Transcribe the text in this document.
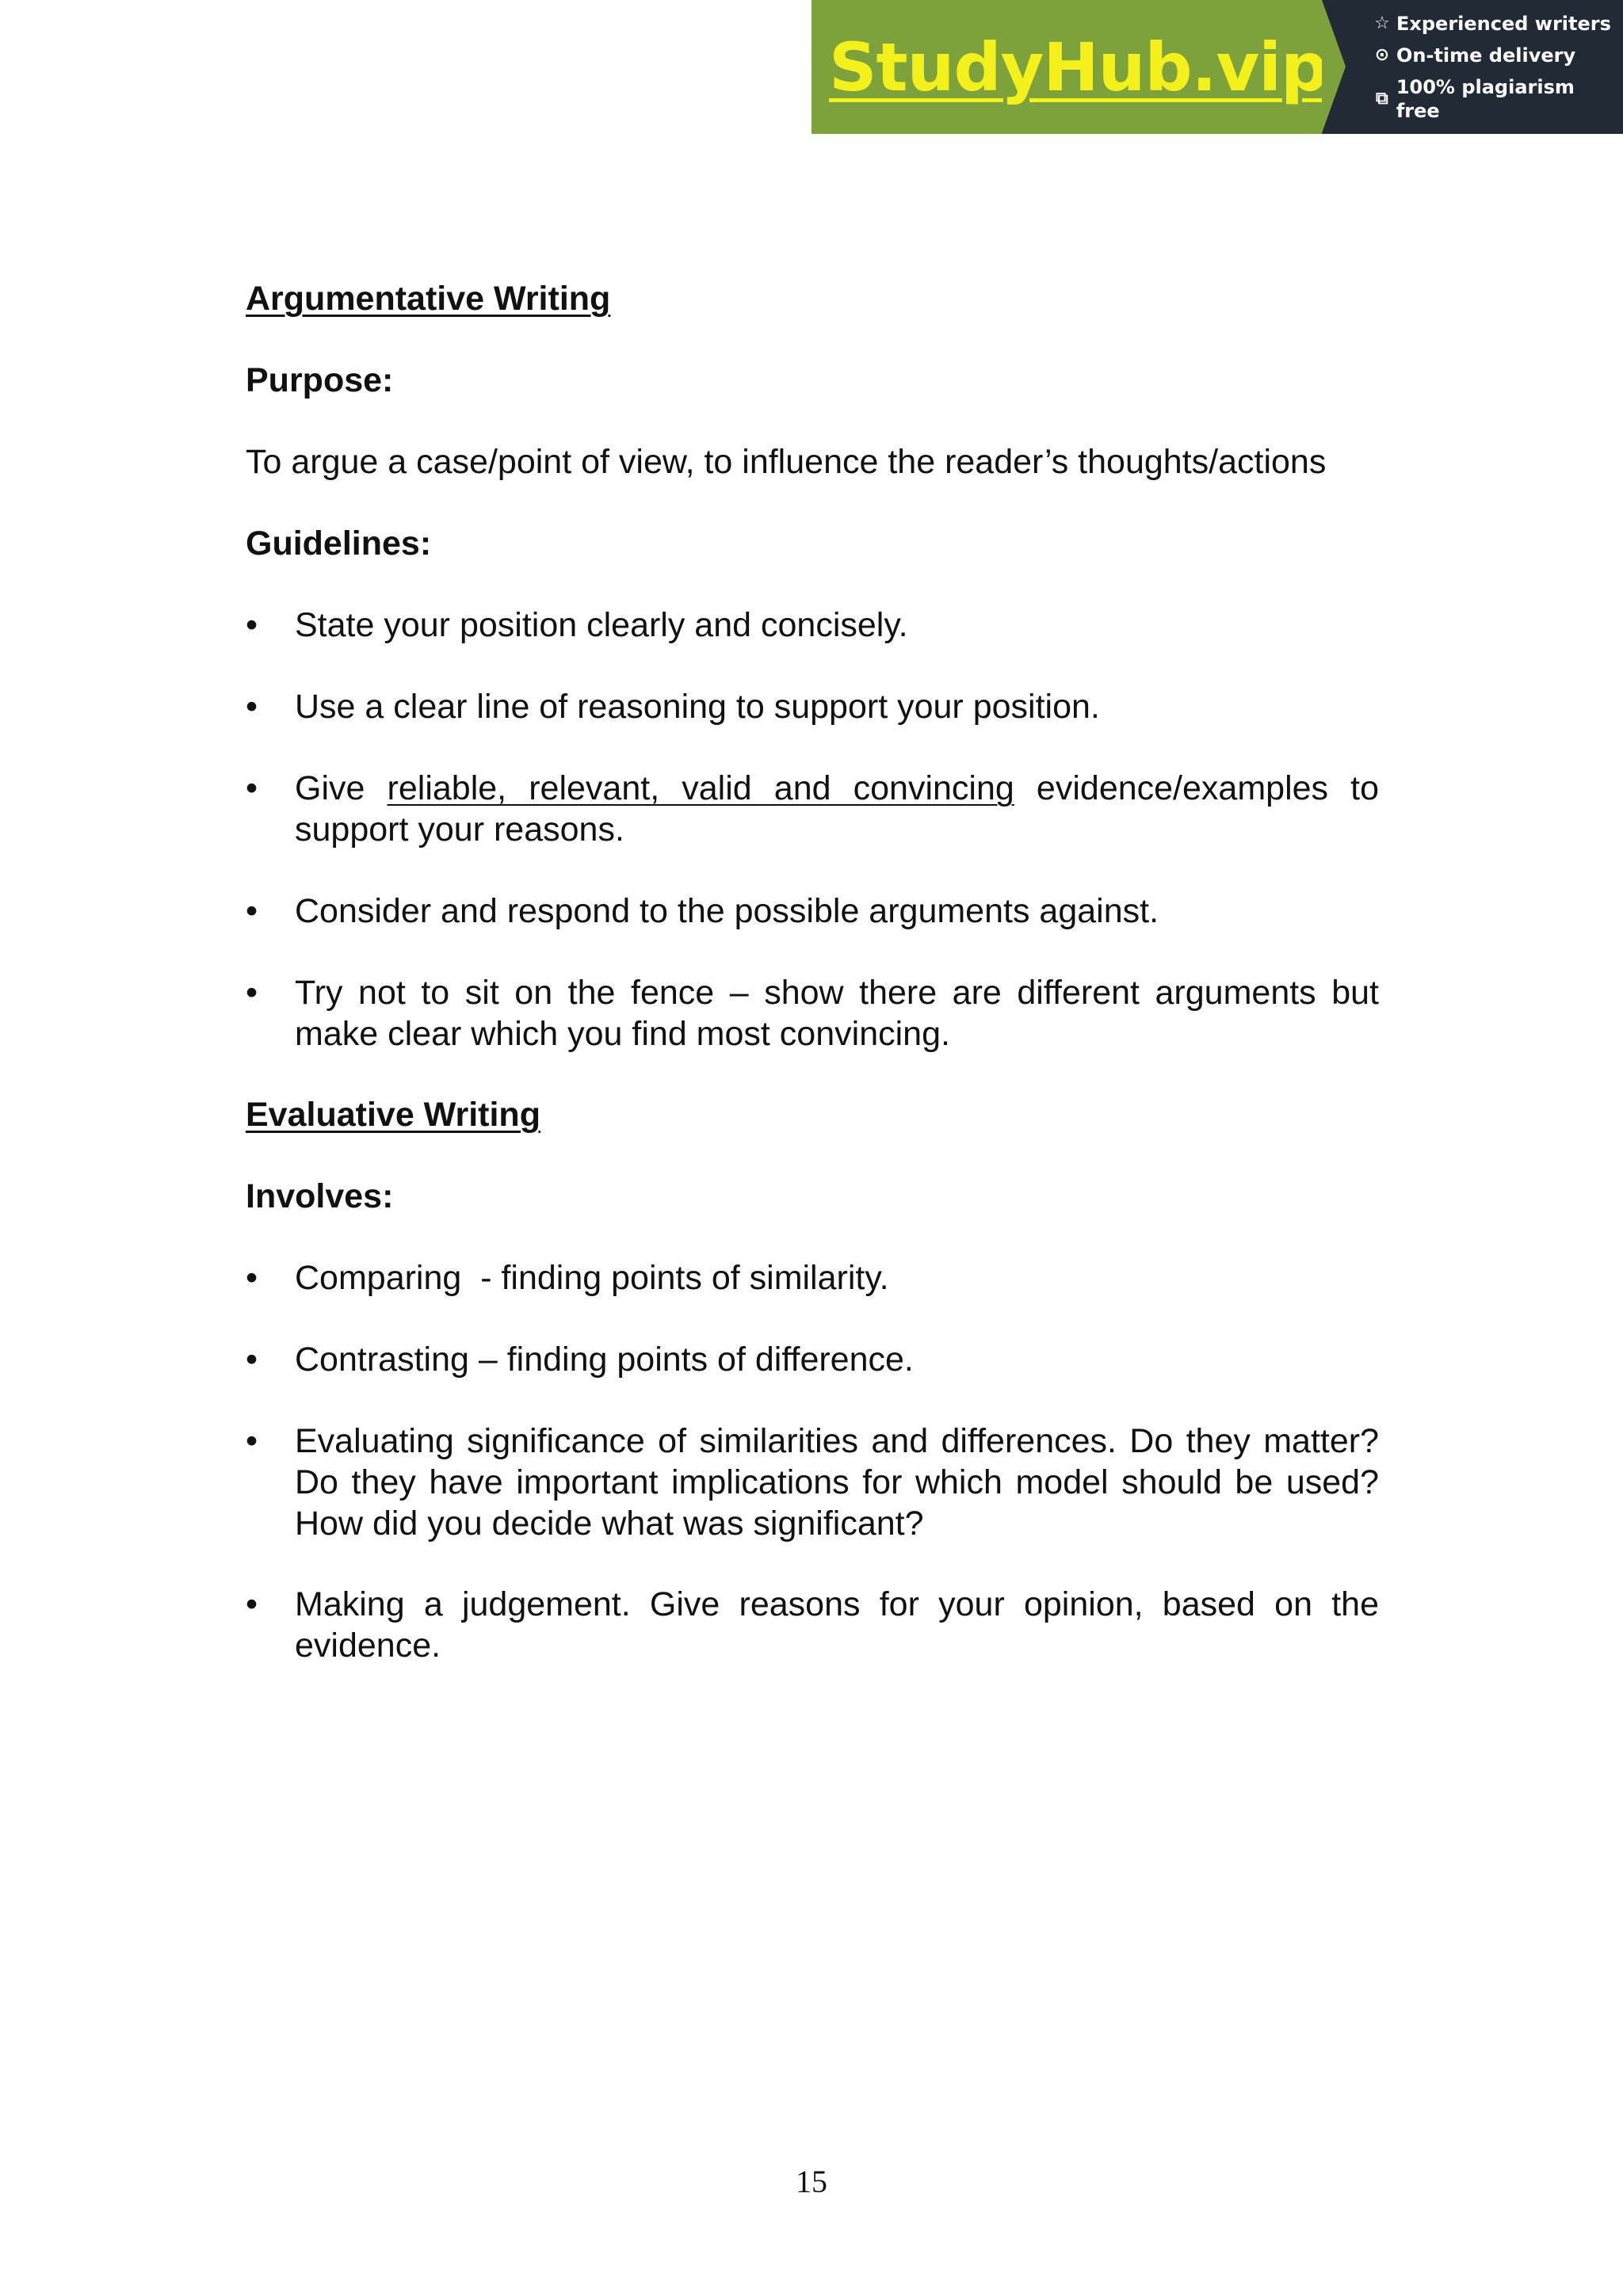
StudyHub.vip
☆ Experienced writers
⊙ On-time delivery
⧉
100% plagiarism free
Argumentative Writing
Purpose:
To argue a case/point of view, to influence the reader’s thoughts/actions
Guidelines:
•	State your position clearly and concisely.
•	Use a clear line of reasoning to support your position.
•	Give reliable, relevant, valid and convincing evidence/examples to support your reasons.
•	Consider and respond to the possible arguments against.
•	Try not to sit on the fence – show there are different arguments but make clear which you find most convincing.
Evaluative Writing
Involves:
•	Comparing  - finding points of similarity.
•	Contrasting – finding points of difference.
•	Evaluating significance of similarities and differences. Do they matter? Do they have important implications for which model should be used? How did you decide what was significant?
•	Making a judgement. Give reasons for your opinion, based on the evidence.
15
